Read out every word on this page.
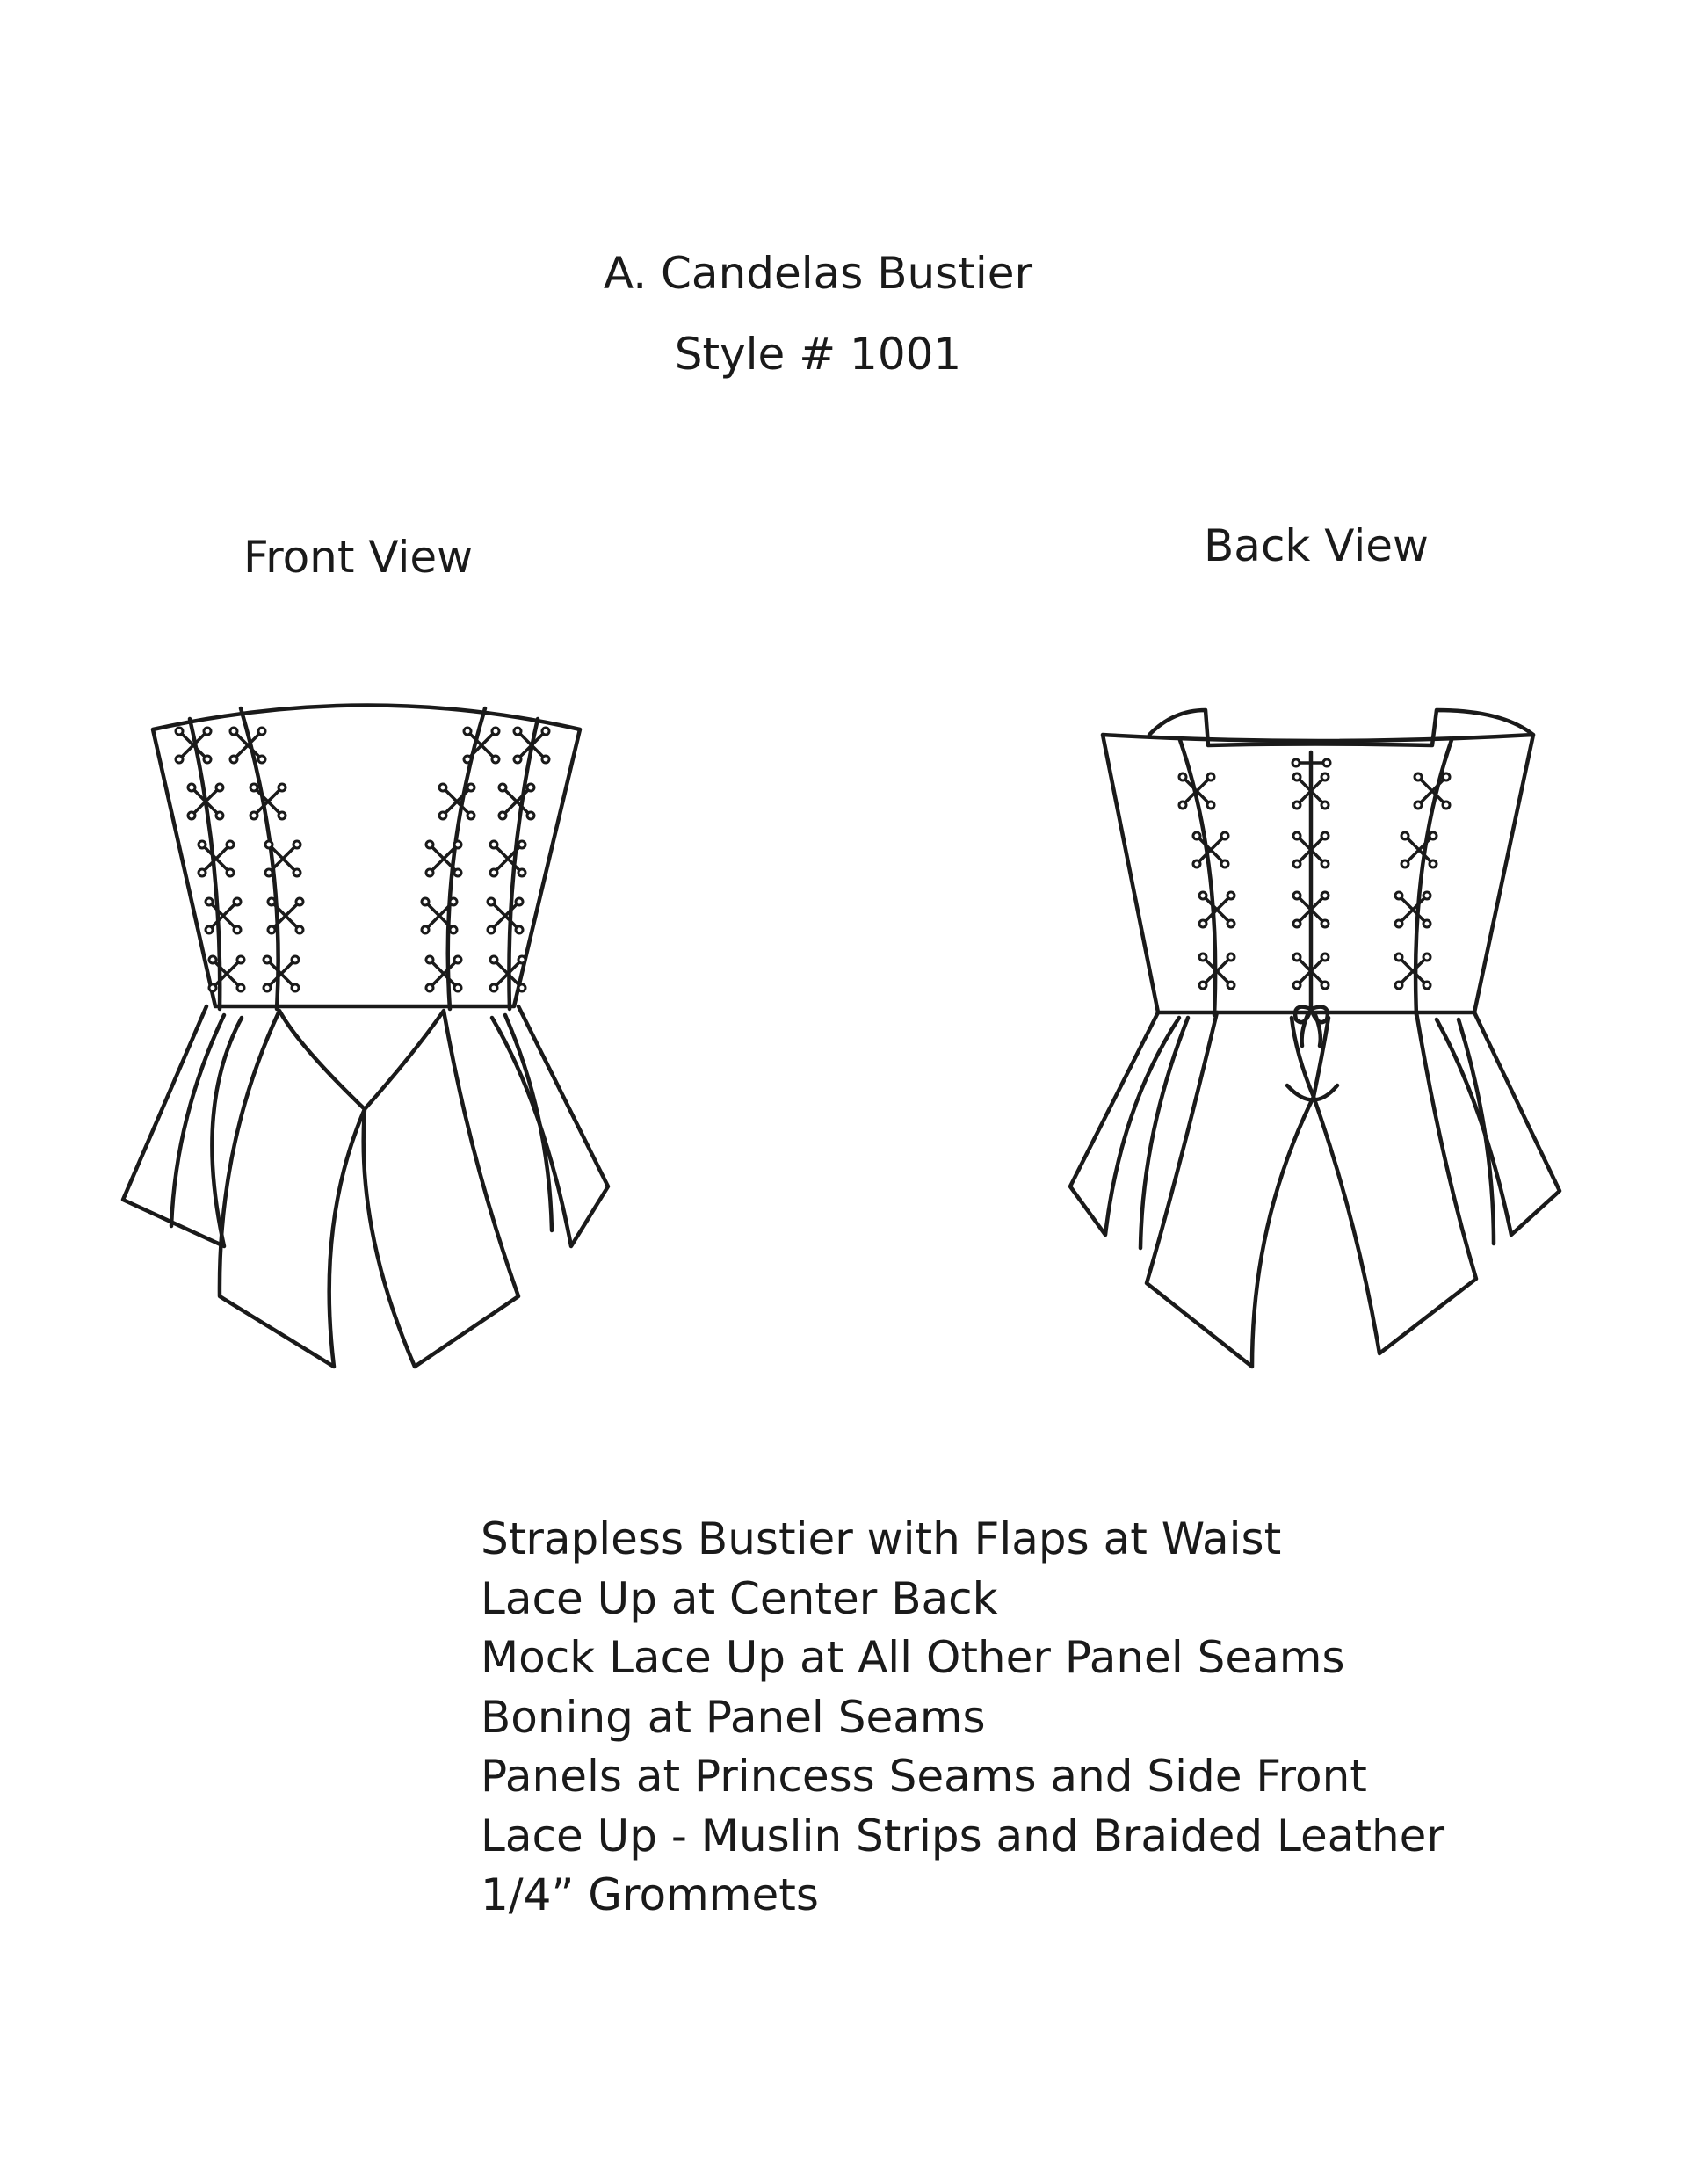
A. Candelas Bustier
Style # 1001
Front View	Back View
Strapless Bustier with Flaps at Waist
Lace Up at Center Back
Mock Lace Up at All Other Panel Seams
Boning at Panel Seams
Panels at Princess Seams and Side Front
Lace Up - Muslin Strips and Braided Leather
1/4” Grommets
